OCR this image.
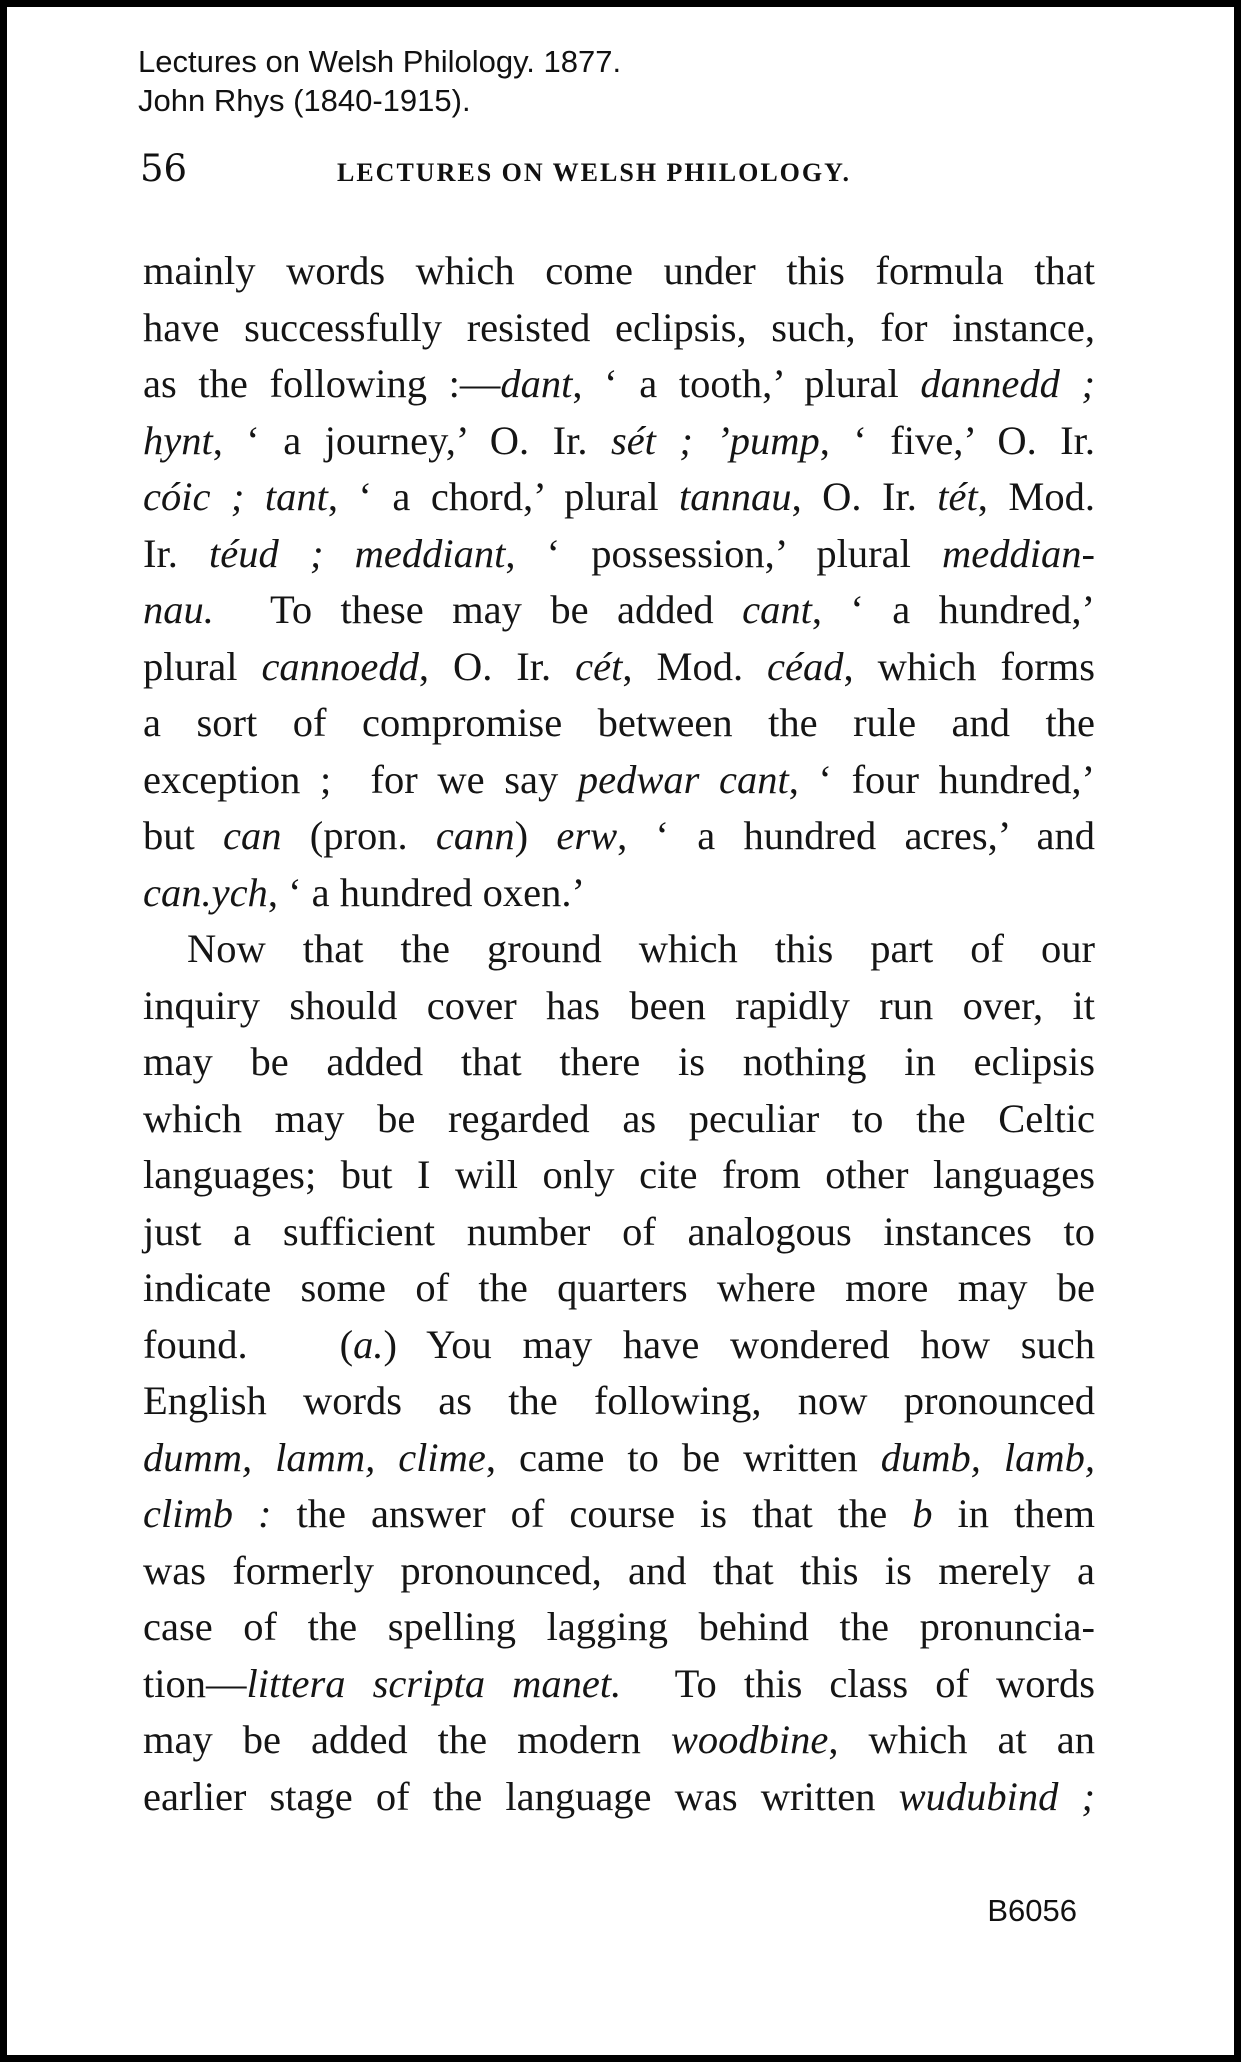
Lectures on Welsh Philology. 1877.
John Rhys (1840-1915).
56	LECTURES ON WELSH PHILOLOGY.
mainly words which come under this formula that
have successfully resisted eclipsis, such, for instance,
as the following :—dant, ‘ a tooth,’ plural dannedd ;
hynt, ‘ a journey,’ O. Ir. sét ; ’pump, ‘ five,’ O. Ir.
cóic ; tant, ‘ a chord,’ plural tannau, O. Ir. tét, Mod.
Ir. téud ; meddiant, ‘ possession,’ plural meddian-
nau.  To these may be added cant, ‘ a hundred,’
plural cannoedd, O. Ir. cét, Mod. céad, which forms
a sort of compromise between the rule and the
exception ;  for we say pedwar cant, ‘ four hundred,’
but can (pron. cann) erw, ‘ a hundred acres,’ and
can.ych, ‘ a hundred oxen.’
Now that the ground which this part of our
inquiry should cover has been rapidly run over, it
may be added that there is nothing in eclipsis
which may be regarded as peculiar to the Celtic
languages; but I will only cite from other languages
just a sufficient number of analogous instances to
indicate some of the quarters where more may be
found.   (a.) You may have wondered how such
English words as the following, now pronounced
dumm, lamm, clime, came to be written dumb, lamb,
climb : the answer of course is that the b in them
was formerly pronounced, and that this is merely a
case of the spelling lagging behind the pronuncia-
tion—littera scripta manet.  To this class of words
may be added the modern woodbine, which at an
earlier stage of the language was written wudubind ;
B6056
